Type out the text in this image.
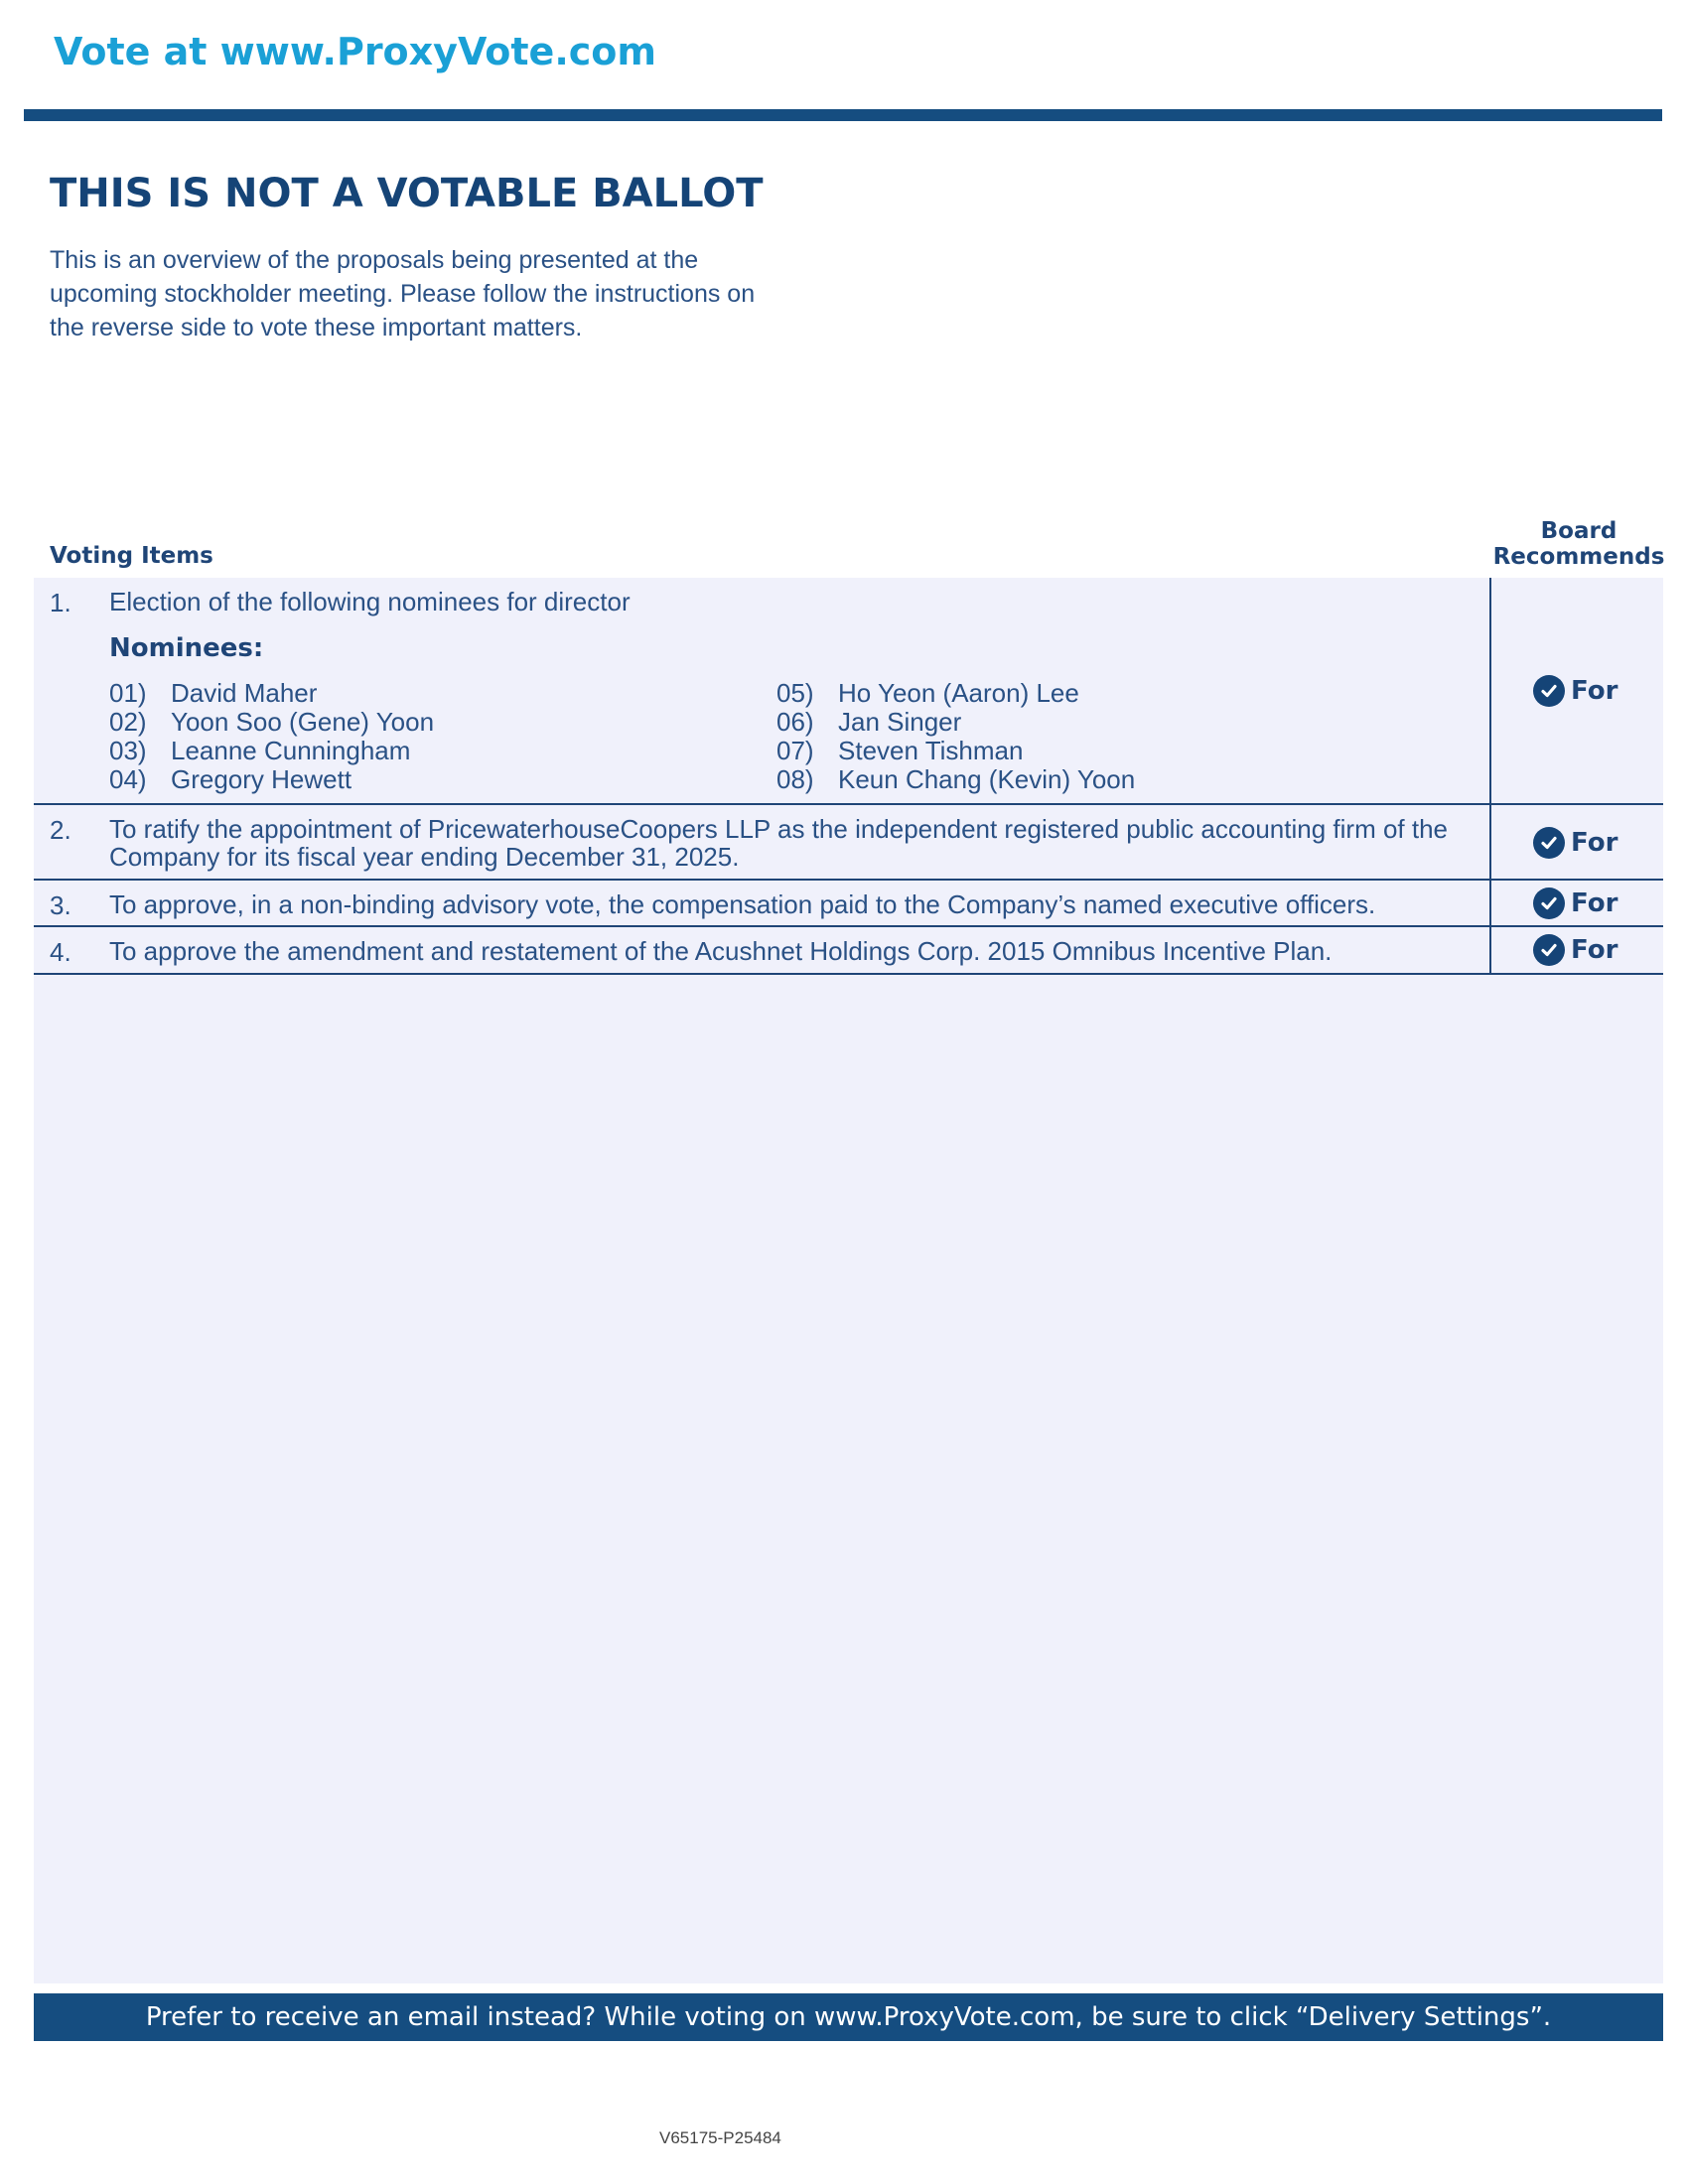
Vote at www.ProxyVote.com
THIS IS NOT A VOTABLE BALLOT

This is an overview of the proposals being presented at the
upcoming stockholder meeting. Please follow the instructions on
the reverse side to vote these important matters.

Voting Items
Board
Recommends
1. Election of the following nominees for director
Nominees:
01) David Maher
02) Yoon Soo (Gene) Yoon
03) Leanne Cunningham
04) Gregory Hewett
05) Ho Yeon (Aaron) Lee
06) Jan Singer
07) Steven Tishman
08) Keun Chang (Kevin) Yoon
For
2. To ratify the appointment of PricewaterhouseCoopers LLP as the independent registered public accounting firm of the
Company for its fiscal year ending December 31, 2025.	For
3. To approve, in a non-binding advisory vote, the compensation paid to the Company’s named executive officers.	For
4. To approve the amendment and restatement of the Acushnet Holdings Corp. 2015 Omnibus Incentive Plan.	For
Prefer to receive an email instead? While voting on www.ProxyVote.com, be sure to click “Delivery Settings”.
V65175-P25484
